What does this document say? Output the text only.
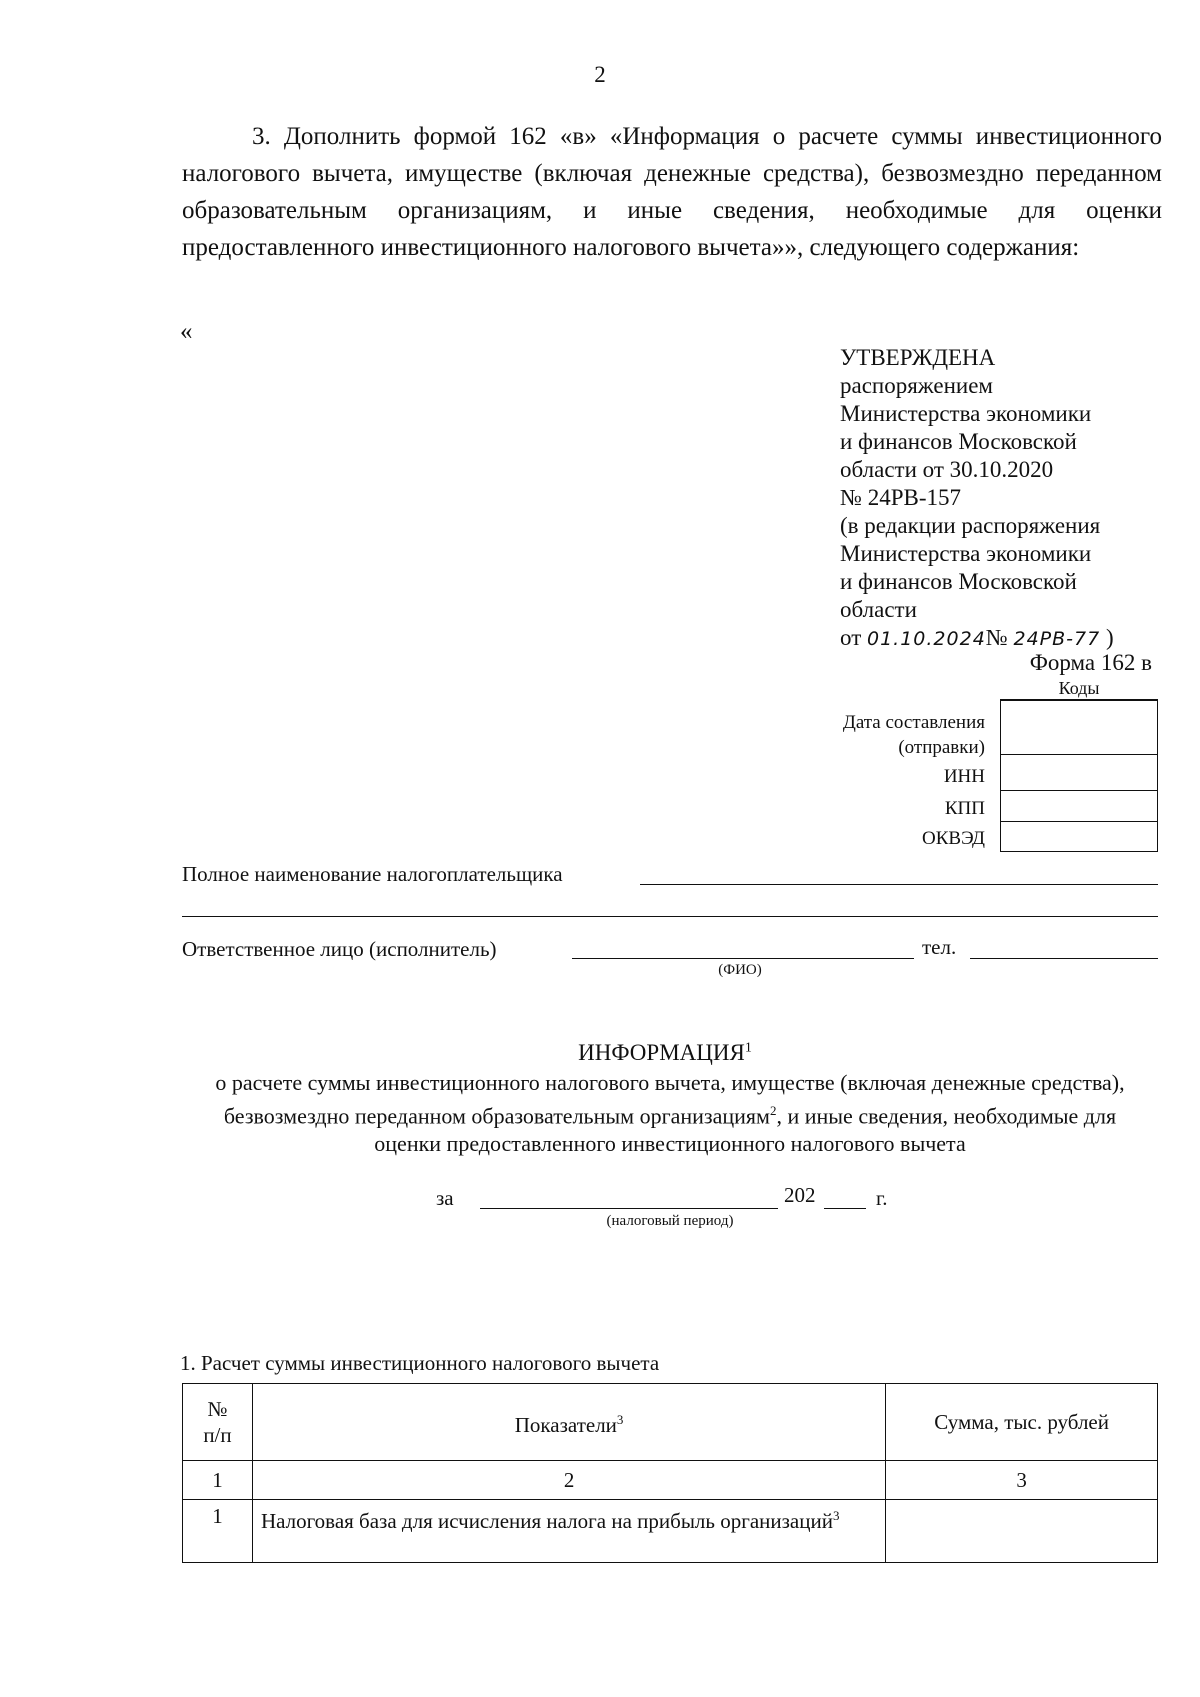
2
3. Дополнить формой 162 «в» «Информация о расчете суммы инвестиционного налогового вычета, имуществе (включая денежные средства), безвозмездно переданном образовательным организациям, и иные сведения, необходимые для оценки предоставленного инвестиционного налогового вычета»», следующего содержания:
«
УТВЕРЖДЕНА
распоряжением
Министерства экономики
и финансов Московской
области от 30.10.2020
№ 24РВ-157
(в редакции распоряжения
Министерства экономики
и финансов Московской
области
от 01.10.2024№ 24РВ-77 )
Форма 162 в
Коды
Дата составления
(отправки)
ИНН
КПП
ОКВЭД
Полное наименование налогоплательщика
Ответственное лицо (исполнитель)
(ФИО)
тел.
ИНФОРМАЦИЯ$^1$
о расчете суммы инвестиционного налогового вычета, имуществе (включая денежные средства), безвозмездно переданном образовательным организациям$^2$, и иные сведения, необходимые для оценки предоставленного инвестиционного налогового вычета
за	202	г.
(налоговый период)
1. Расчет суммы инвестиционного налогового вычета
№
п/п	Показатели$^3$	Сумма, тыс. рублей
1	2	3
1	Налоговая база для исчисления налога на прибыль организаций$^3$	
